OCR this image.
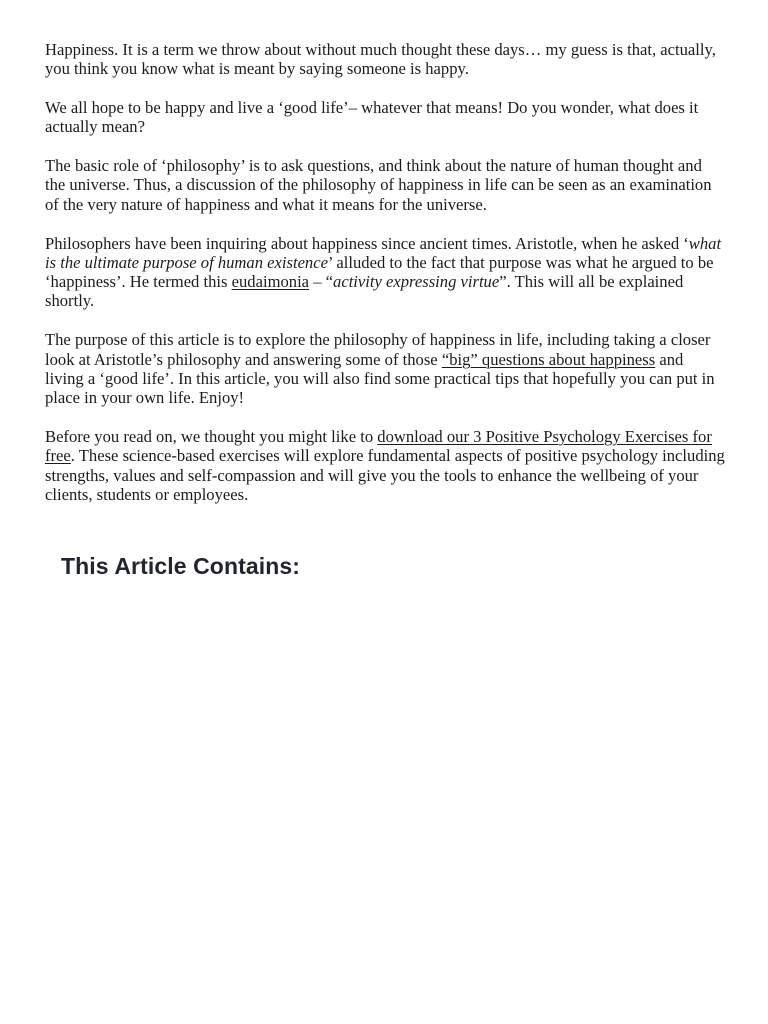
Happiness. It is a term we throw about without much thought these days… my guess is that, actually, you think you know what is meant by saying someone is happy.

We all hope to be happy and live a ‘good life’– whatever that means! Do you wonder, what does it actually mean?

The basic role of ‘philosophy’ is to ask questions, and think about the nature of human thought and the universe. Thus, a discussion of the philosophy of happiness in life can be seen as an examination of the very nature of happiness and what it means for the universe.

Philosophers have been inquiring about happiness since ancient times. Aristotle, when he asked ‘what is the ultimate purpose of human existence’ alluded to the fact that purpose was what he argued to be ‘happiness’. He termed this eudaimonia – “activity expressing virtue”. This will all be explained shortly.

The purpose of this article is to explore the philosophy of happiness in life, including taking a closer look at Aristotle’s philosophy and answering some of those “big” questions about happiness and living a ‘good life’. In this article, you will also find some practical tips that hopefully you can put in place in your own life. Enjoy!

Before you read on, we thought you might like to download our 3 Positive Psychology Exercises for free. These science-based exercises will explore fundamental aspects of positive psychology including strengths, values and self-compassion and will give you the tools to enhance the wellbeing of your clients, students or employees.

This Article Contains:
